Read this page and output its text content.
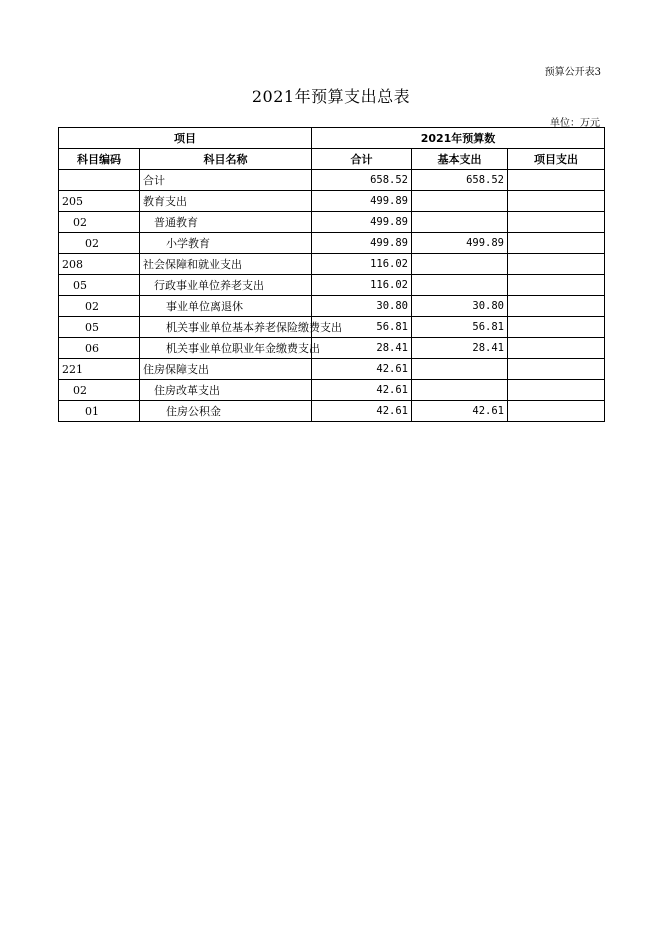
预算公开表3
2021年预算支出总表
单位：万元
项目		2021年预算数		
科目编码	科目名称	合计	基本支出	项目支出
	合计	658.52	658.52	
205	教育支出	499.89		
02	普通教育	499.89		
02	小学教育	499.89	499.89	
208	社会保障和就业支出	116.02		
05	行政事业单位养老支出	116.02		
02	事业单位离退休	30.80	30.80	
05	机关事业单位基本养老保险缴费支出	56.81	56.81	
06	机关事业单位职业年金缴费支出	28.41	28.41	
221	住房保障支出	42.61		
02	住房改革支出	42.61		
01	住房公积金	42.61	42.61	
